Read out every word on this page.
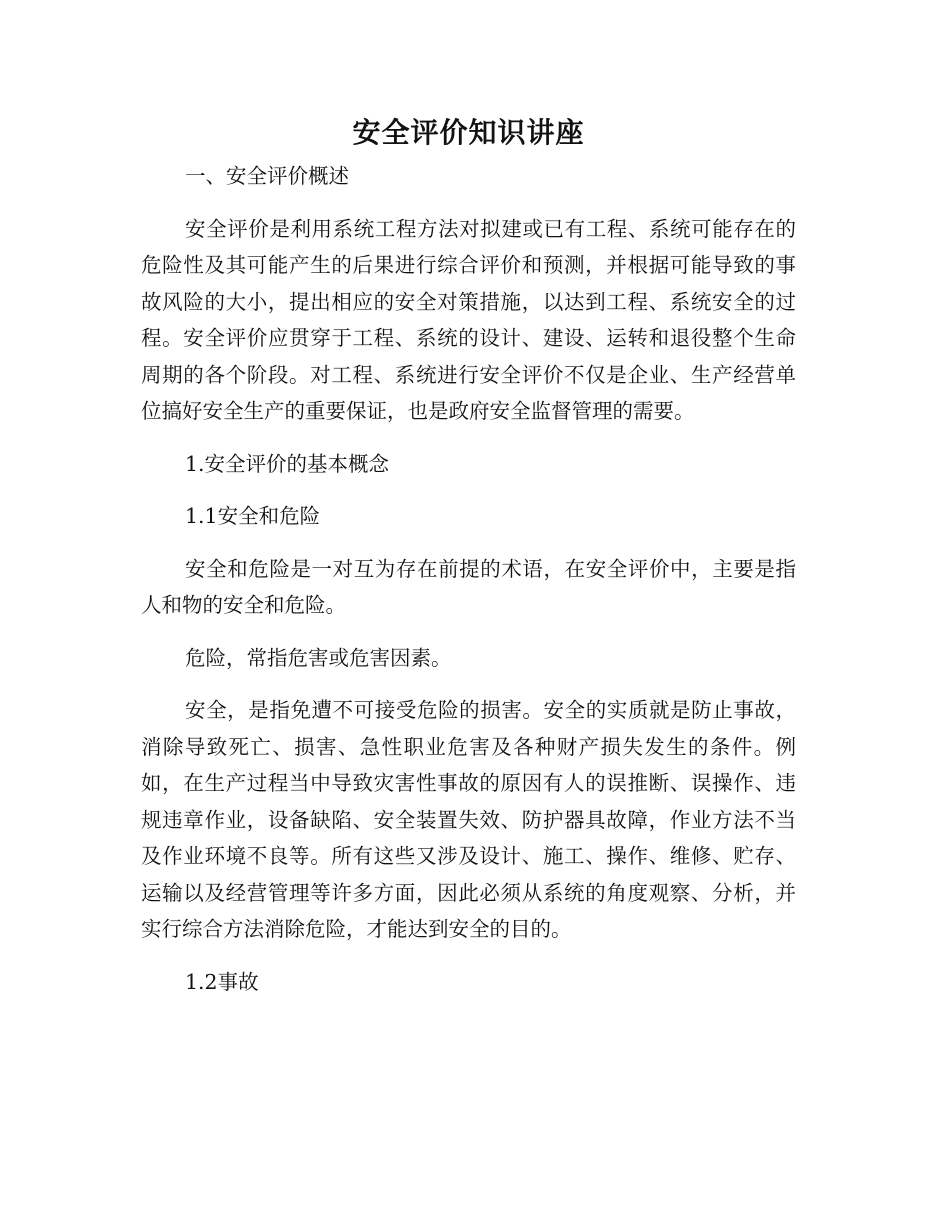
安全评价知识讲座

一、安全评价概述

安全评价是利用系统工程方法对拟建或已有工程、系统可能存在的危险性及其可能产生的后果进行综合评价和预测，并根据可能导致的事故风险的大小，提出相应的安全对策措施，以达到工程、系统安全的过程。安全评价应贯穿于工程、系统的设计、建设、运转和退役整个生命周期的各个阶段。对工程、系统进行安全评价不仅是企业、生产经营单位搞好安全生产的重要保证，也是政府安全监督管理的需要。

1.安全评价的基本概念

1.1安全和危险

安全和危险是一对互为存在前提的术语，在安全评价中，主要是指人和物的安全和危险。

危险，常指危害或危害因素。

安全，是指免遭不可接受危险的损害。安全的实质就是防止事故，消除导致死亡、损害、急性职业危害及各种财产损失发生的条件。例如，在生产过程当中导致灾害性事故的原因有人的误推断、误操作、违规违章作业，设备缺陷、安全装置失效、防护器具故障，作业方法不当及作业环境不良等。所有这些又涉及设计、施工、操作、维修、贮存、运输以及经营管理等许多方面，因此必须从系统的角度观察、分析，并实行综合方法消除危险，才能达到安全的目的。

1.2事故
